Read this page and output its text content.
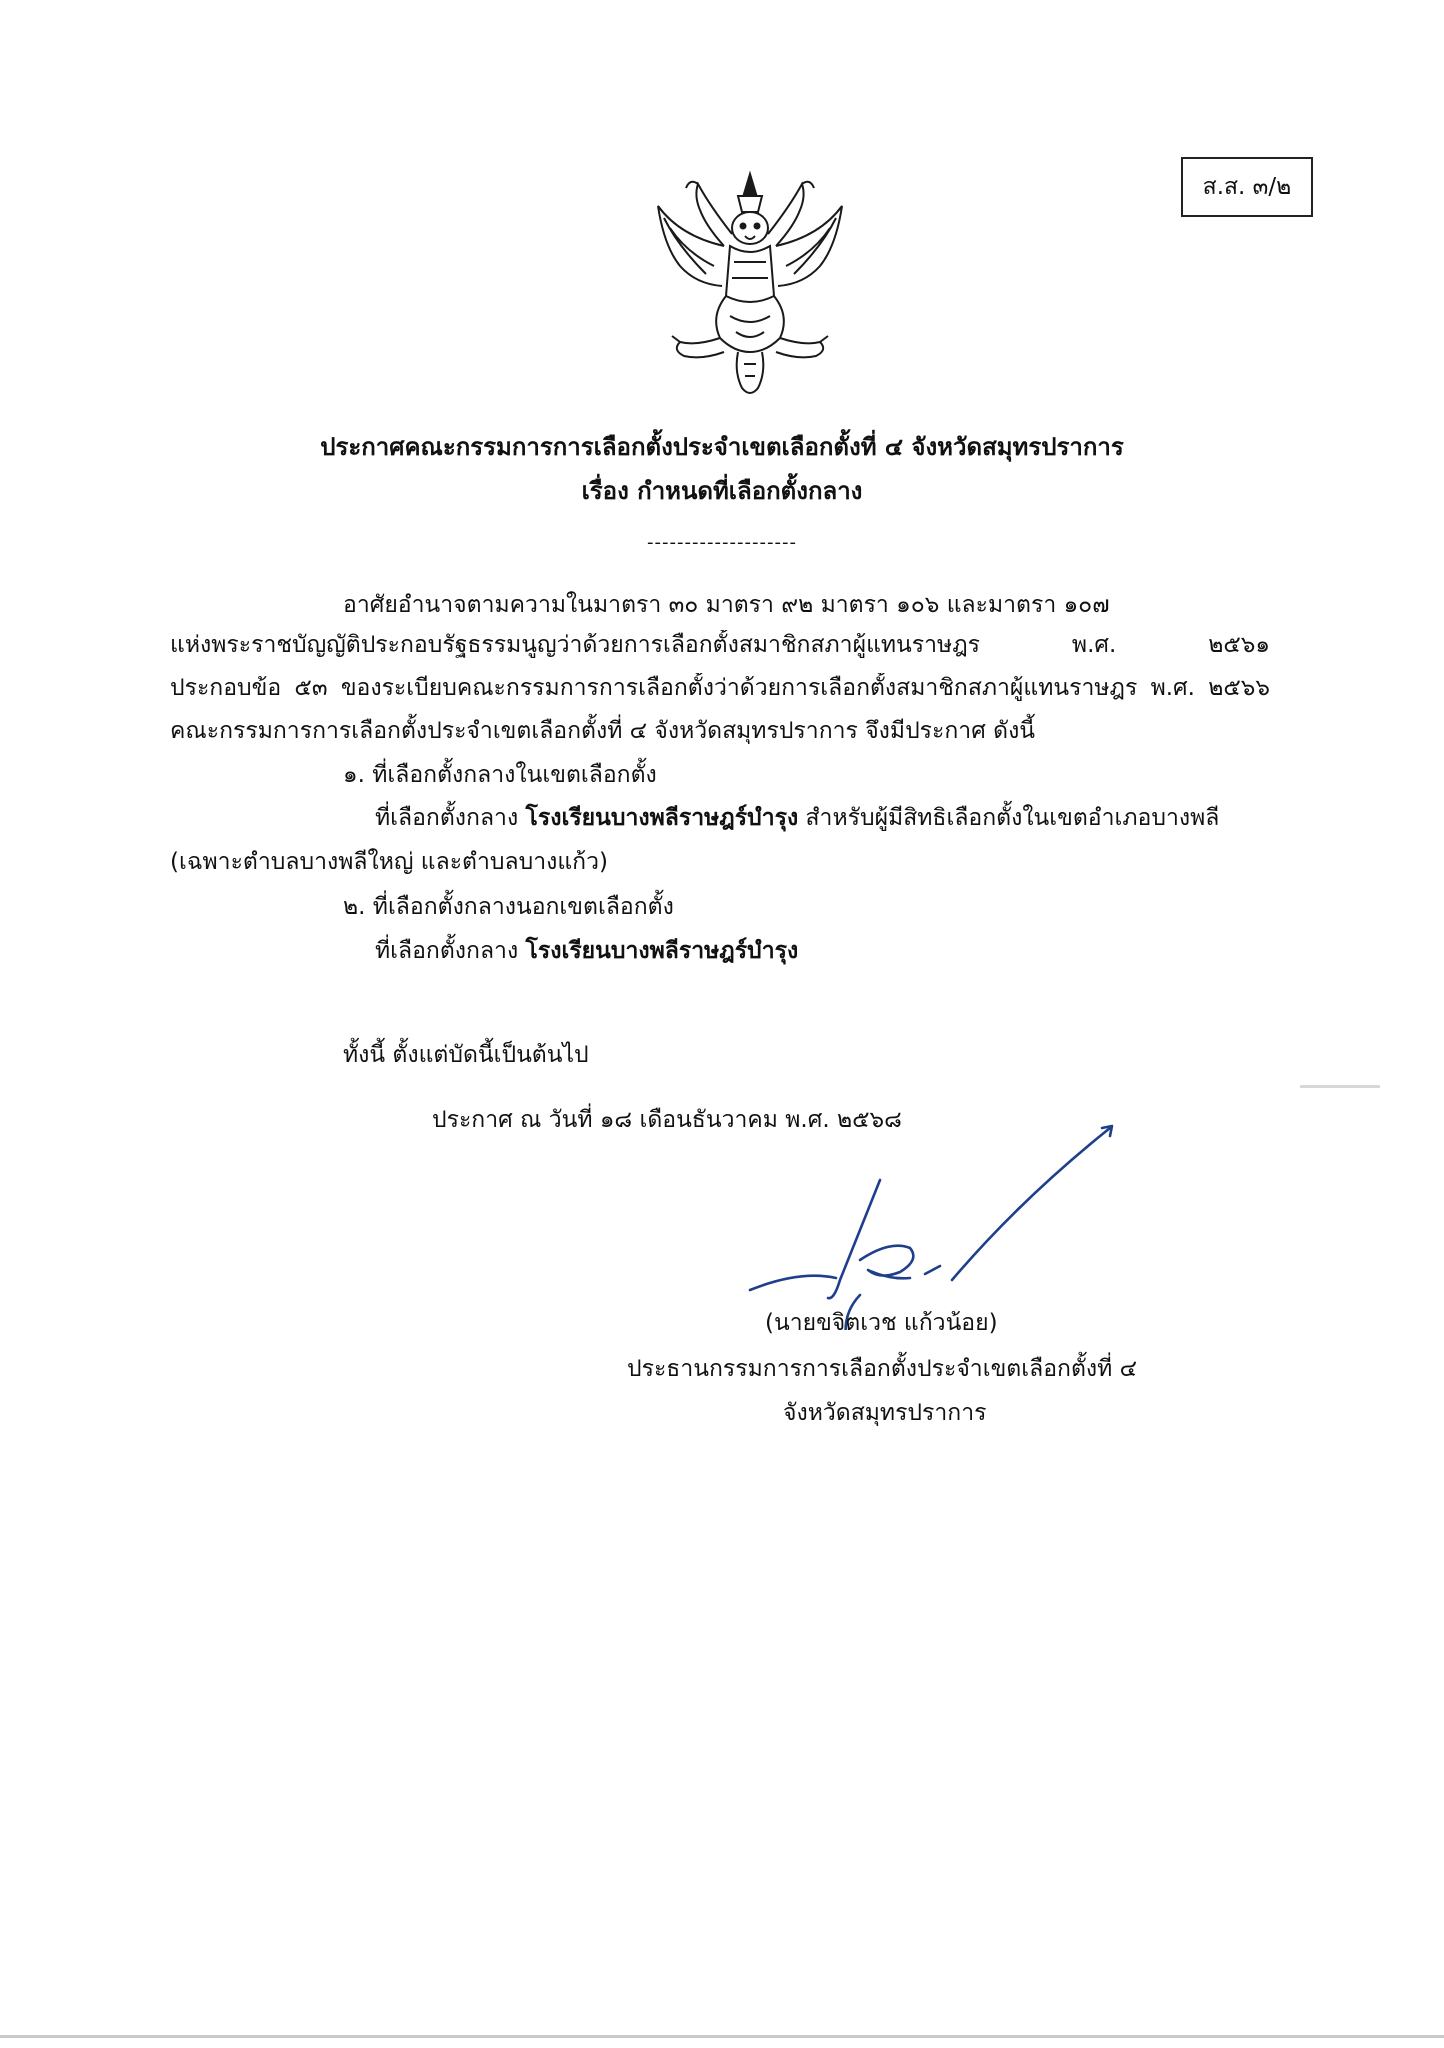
ส.ส. ๓/๒
ประกาศคณะกรรมการการเลือกตั้งประจำเขตเลือกตั้งที่ ๔ จังหวัดสมุทรปราการ
เรื่อง กำหนดที่เลือกตั้งกลาง
--------------------
อาศัยอำนาจตามความในมาตรา ๓๐ มาตรา ๙๒ มาตรา ๑๐๖ และมาตรา ๑๐๗
แห่งพระราชบัญญัติประกอบรัฐธรรมนูญว่าด้วยการเลือกตั้งสมาชิกสภาผู้แทนราษฎร พ.ศ. ๒๕๖๑
ประกอบข้อ ๕๓ ของระเบียบคณะกรรมการการเลือกตั้งว่าด้วยการเลือกตั้งสมาชิกสภาผู้แทนราษฎร พ.ศ. ๒๕๖๖
คณะกรรมการการเลือกตั้งประจำเขตเลือกตั้งที่ ๔ จังหวัดสมุทรปราการ จึงมีประกาศ ดังนี้
๑. ที่เลือกตั้งกลางในเขตเลือกตั้ง
ที่เลือกตั้งกลาง โรงเรียนบางพลีราษฎร์บำรุง สำหรับผู้มีสิทธิเลือกตั้งในเขตอำเภอบางพลี
(เฉพาะตำบลบางพลีใหญ่ และตำบลบางแก้ว)
๒. ที่เลือกตั้งกลางนอกเขตเลือกตั้ง
ที่เลือกตั้งกลาง โรงเรียนบางพลีราษฎร์บำรุง
ทั้งนี้ ตั้งแต่บัดนี้เป็นต้นไป
ประกาศ ณ วันที่ ๑๘ เดือนธันวาคม พ.ศ. ๒๕๖๘
(นายขจิตเวช แก้วน้อย)
ประธานกรรมการการเลือกตั้งประจำเขตเลือกตั้งที่ ๔
จังหวัดสมุทรปราการ
